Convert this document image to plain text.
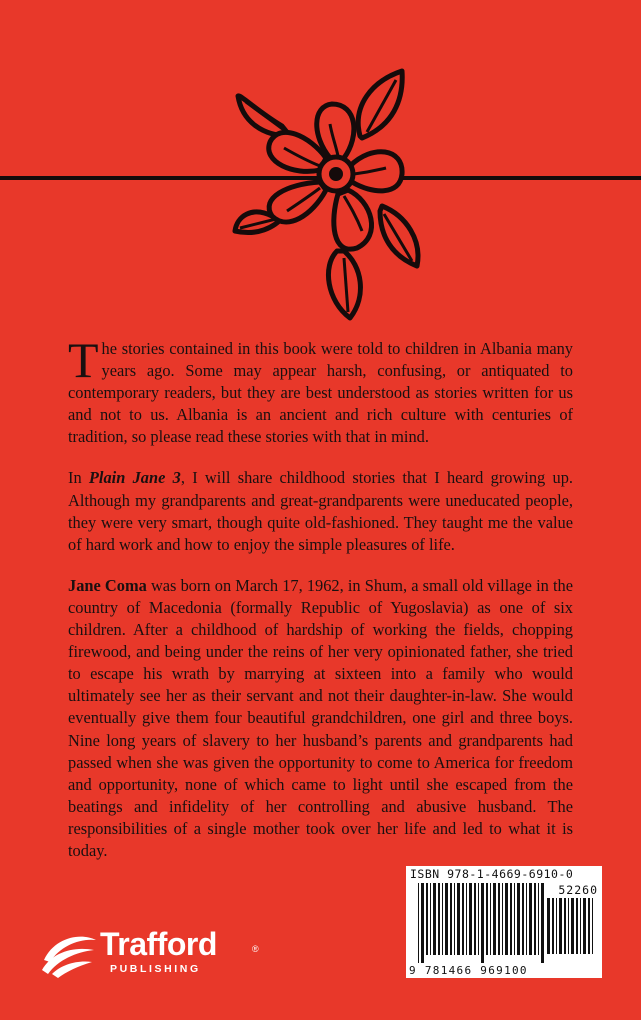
The stories contained in this book were told to children in Albania many years ago. Some may appear harsh, confusing, or antiquated to contemporary readers, but they are best understood as stories written for us and not to us. Albania is an ancient and rich culture with centuries of tradition, so please read these stories with that in mind.

In Plain Jane 3, I will share childhood stories that I heard growing up. Although my grandparents and great-grandparents were uneducated people, they were very smart, though quite old-fashioned. They taught me the value of hard work and how to enjoy the simple pleasures of life.

Jane Coma was born on March 17, 1962, in Shum, a small old village in the country of Macedonia (formally Republic of Yugoslavia) as one of six children. After a childhood of hardship of working the fields, chopping firewood, and being under the reins of her very opinionated father, she tried to escape his wrath by marrying at sixteen into a family who would ultimately see her as their servant and not their daughter-in-law. She would eventually give them four beautiful grandchildren, one girl and three boys. Nine long years of slavery to her husband’s parents and grandparents had passed when she was given the opportunity to come to America for freedom and opportunity, none of which came to light until she escaped from the beatings and infidelity of her controlling and abusive husband. The responsibilities of a single mother took over her life and led to what it is today.

ISBN 978-1-4669-6910-0
52260
9 781466 969100
Trafford	®
PUBLISHING
